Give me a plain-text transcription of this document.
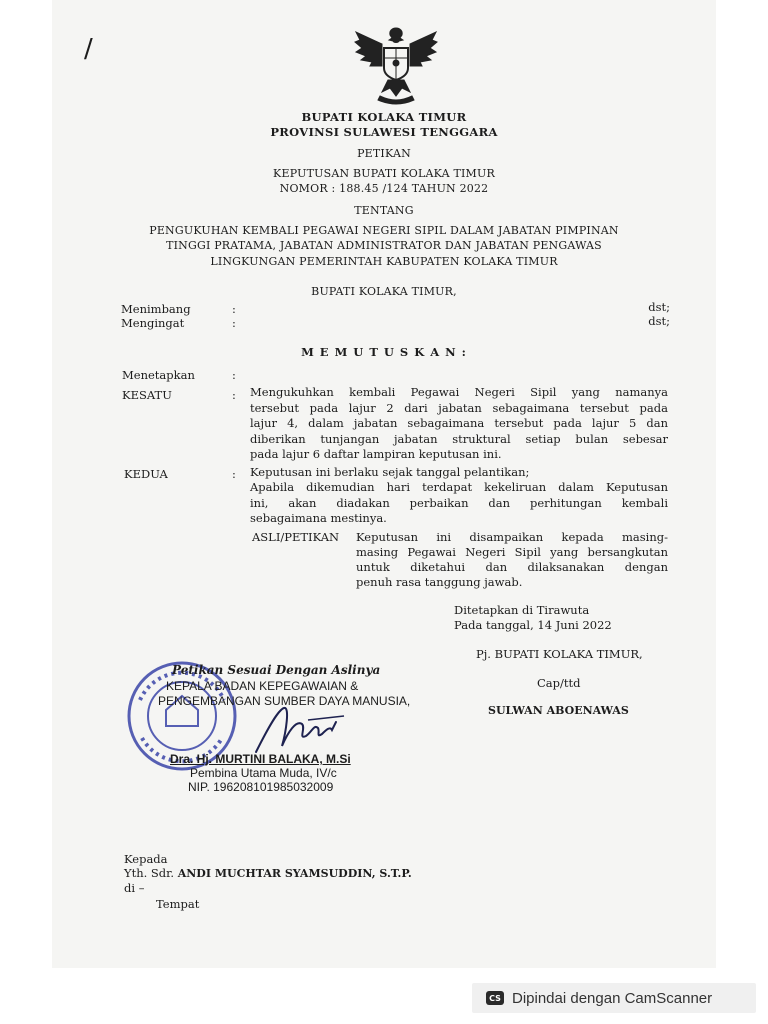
/
BUPATI KOLAKA TIMUR
PROVINSI SULAWESI TENGGARA
PETIKAN
KEPUTUSAN BUPATI KOLAKA TIMUR
NOMOR : 188.45 /124 TAHUN 2022
TENTANG
PENGUKUHAN KEMBALI PEGAWAI NEGERI SIPIL DALAM JABATAN PIMPINAN
TINGGI PRATAMA, JABATAN ADMINISTRATOR DAN JABATAN PENGAWAS
LINGKUNGAN PEMERINTAH KABUPATEN KOLAKA TIMUR
BUPATI KOLAKA TIMUR,
Menimbang	:	dst;
Mengingat	:	dst;
M E M U T U S K A N :
Menetapkan	:
KESATU	: Mengukuhkan kembali Pegawai Negeri Sipil yang namanya
tersebut pada lajur 2 dari jabatan sebagaimana tersebut pada
lajur 4, dalam jabatan sebagaimana tersebut pada lajur 5 dan
diberikan tunjangan jabatan struktural setiap bulan sebesar
pada lajur 6 daftar lampiran keputusan ini.
KEDUA	: Keputusan ini berlaku sejak tanggal pelantikan;
Apabila dikemudian hari terdapat kekeliruan dalam Keputusan
ini, akan diadakan perbaikan dan perhitungan kembali
sebagaimana mestinya.
ASLI/PETIKAN Keputusan ini disampaikan kepada masing-
masing Pegawai Negeri Sipil yang bersangkutan
untuk diketahui dan dilaksanakan dengan
penuh rasa tanggung jawab.
Ditetapkan di Tirawuta
Pada tanggal, 14 Juni 2022
Pj. BUPATI KOLAKA TIMUR,
Cap/ttd
SULWAN ABOENAWAS
Petikan Sesuai Dengan Aslinya
KEPALA BADAN KEPEGAWAIAN &
PENGEMBANGAN SUMBER DAYA MANUSIA,
Dra. Hj. MURTINI BALAKA, M.Si
Pembina Utama Muda, IV/c
NIP. 196208101985032009
Kepada
Yth. Sdr. ANDI MUCHTAR SYAMSUDDIN, S.T.P.
di –
Tempat
CS Dipindai dengan CamScanner
